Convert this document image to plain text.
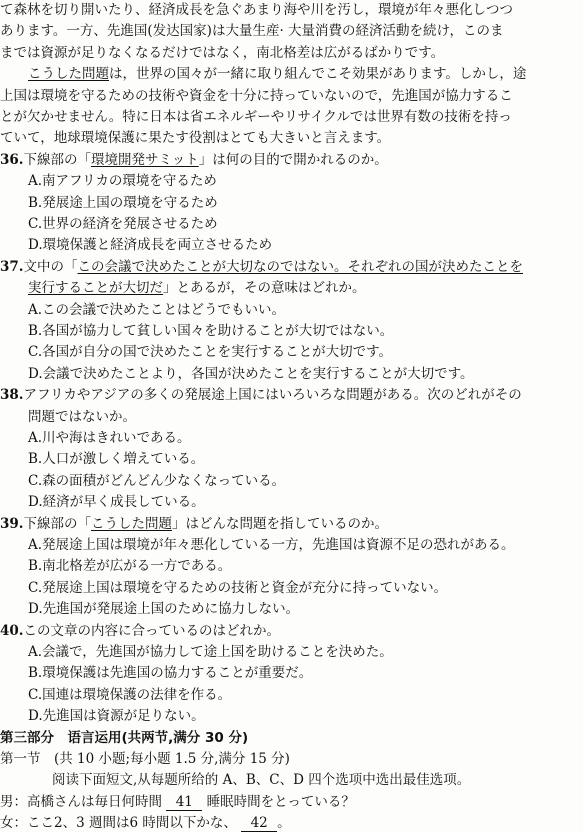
て森林を切り開いたり、経済成長を急ぐあまり海や川を汚し，環境が年々悪化しつつ
あります。一方、先進国(发达国家)は大量生産· 大量消費の経済活動を続け，このま
までは資源が足りなくなるだけではなく，南北格差は広がるばかりです。
こうした問題は，世界の国々が一緒に取り組んでこそ効果があります。しかし，途
上国は環境を守るための技術や資金を十分に持っていないので，先進国が協力するこ
とが欠かせません。特に日本は省エネルギーやリサイクルでは世界有数の技術を持っ
ていて，地球環境保護に果たす役割はとても大きいと言えます。
36.下線部の「環境開発サミット」は何の目的で開かれるのか。
A.南アフリカの環境を守るため
B.発展途上国の環境を守るため
C.世界の経済を発展させるため
D.環境保護と経済成長を両立させるため
37.文中の「この会議で決めたことが大切なのではない。それぞれの国が決めたことを
実行することが大切だ」とあるが，その意味はどれか。
A.この会議で決めたことはどうでもいい。
B.各国が協力して貧しい国々を助けることが大切ではない。
C.各国が自分の国で決めたことを実行することが大切です。
D.会議で決めたことより，各国が決めたことを実行することが大切です。
38.アフリカやアジアの多くの発展途上国にはいろいろな問題がある。次のどれがその
問題ではないか。
A.川や海はきれいである。
B.人口が激しく増えている。
C.森の面積がどんどん少なくなっている。
D.経済が早く成長している。
39.下線部の「こうした問題」はどんな問題を指しているのか。
A.発展途上国は環境が年々悪化している一方，先進国は資源不足の恐れがある。
B.南北格差が広がる一方である。
C.発展途上国は環境を守るための技術と資金が充分に持っていない。
D.先進国が発展途上国のために協力しない。
40.この文章の内容に合っているのはどれか。
A.会議で，先進国が協力して途上国を助けることを決めた。
B.環境保護は先進国の協力することが重要だ。
C.国連は環境保護の法律を作る。
D.先進国は資源が足りない。
第三部分　语言运用(共两节,满分 30 分)
第一节　(共 10 小题;每小题 1.5 分,满分 15 分)
阅读下面短文,从每题所给的 A、B、C、D 四个选项中选出最佳选项。
男：高橋さんは毎日何時間 41 睡眠時間をとっている？
女：ここ2、3 週間は6 時間以下かな、 42 。
